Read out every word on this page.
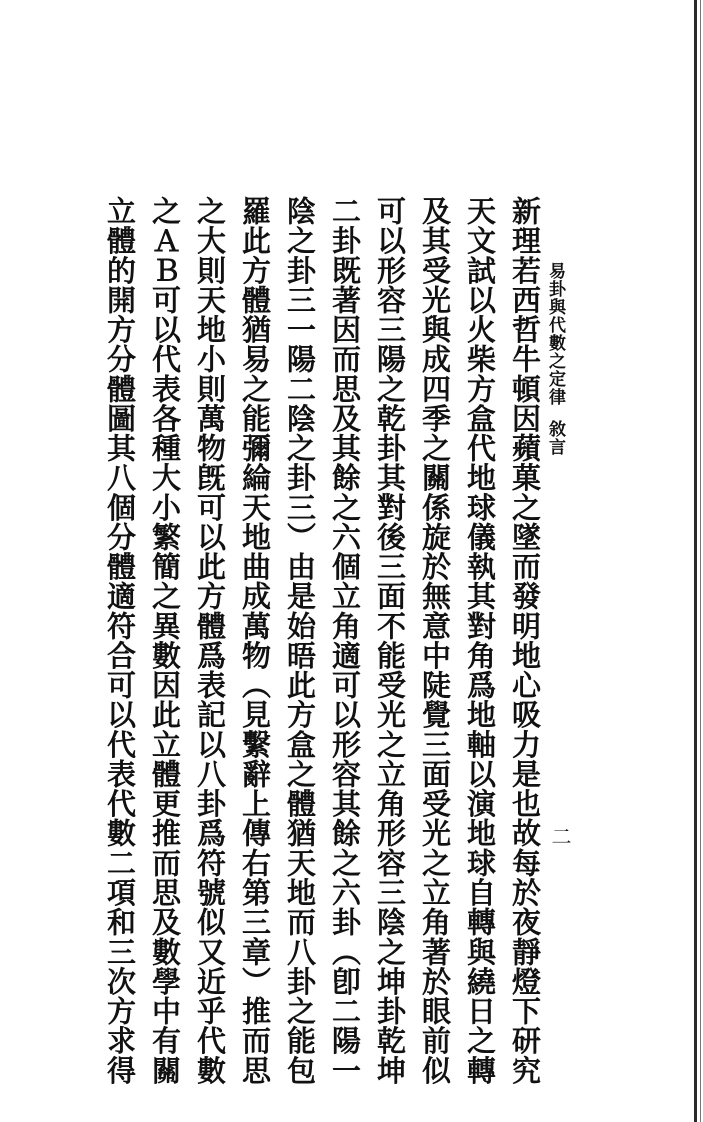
易卦與代數之定律敘言
二
新理若西哲牛頓因蘋菓之墜而發明地心吸力是也故每於夜靜燈下研究
天文試以火柴方盒代地球儀執其對角爲地軸以演地球自轉與繞日之轉
及其受光與成四季之關係旋於無意中陡覺三面受光之立角著於眼前似
可以形容三陽之乾卦其對後三面不能受光之立角形容三陰之坤卦乾坤
二卦既著因而思及其餘之六個立角適可以形容其餘之六卦（卽二陽一
陰之卦三一陽二陰之卦三）由是始晤此方盒之體猶天地而八卦之能包
羅此方體猶易之能彌綸天地曲成萬物（見繫辭上傳右第三章）推而思
之大則天地小則萬物旣可以此方體爲表記以八卦爲符號似又近乎代數
之ＡＢ可以代表各種大小繁簡之異數因此立體更推而思及數學中有關
立體的開方分體圖其八個分體適符合可以代表代數二項和三次方求得
